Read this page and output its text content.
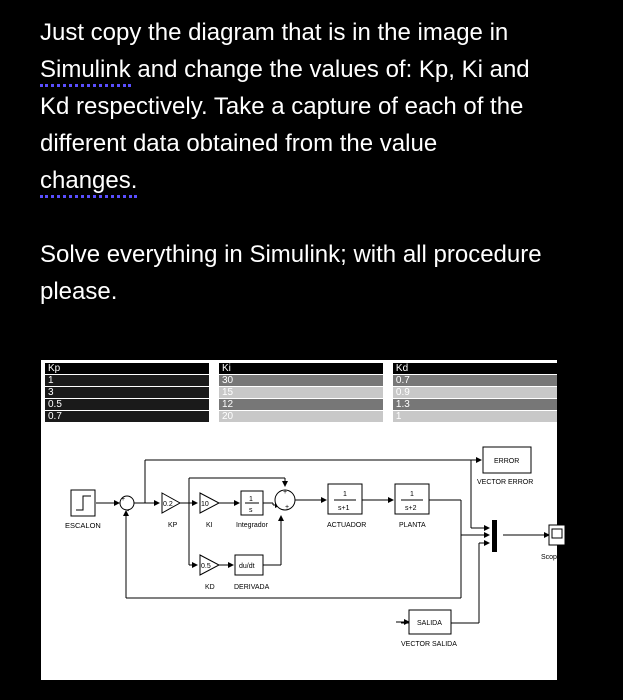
Just copy the diagram that is in the image in

Simulink and change the values of: Kp, Ki and

Kd respectively. Take a capture of each of the

different data obtained from the value

changes.

Solve everything in Simulink; with all procedure

please.

Kp		Ki		Kd
1		30		0.7
3		15		0.9
0.5		12		1.3
0.7		20		1
ESCALON
+
-
0.2
KP
10
KI
1
s
Integrador
0.5
KD
du/dt
DERIVADA
+
+
1
s+1
ACTUADOR
1
s+2
PLANTA
ERROR
VECTOR ERROR
Scope
SALIDA
VECTOR SALIDA
